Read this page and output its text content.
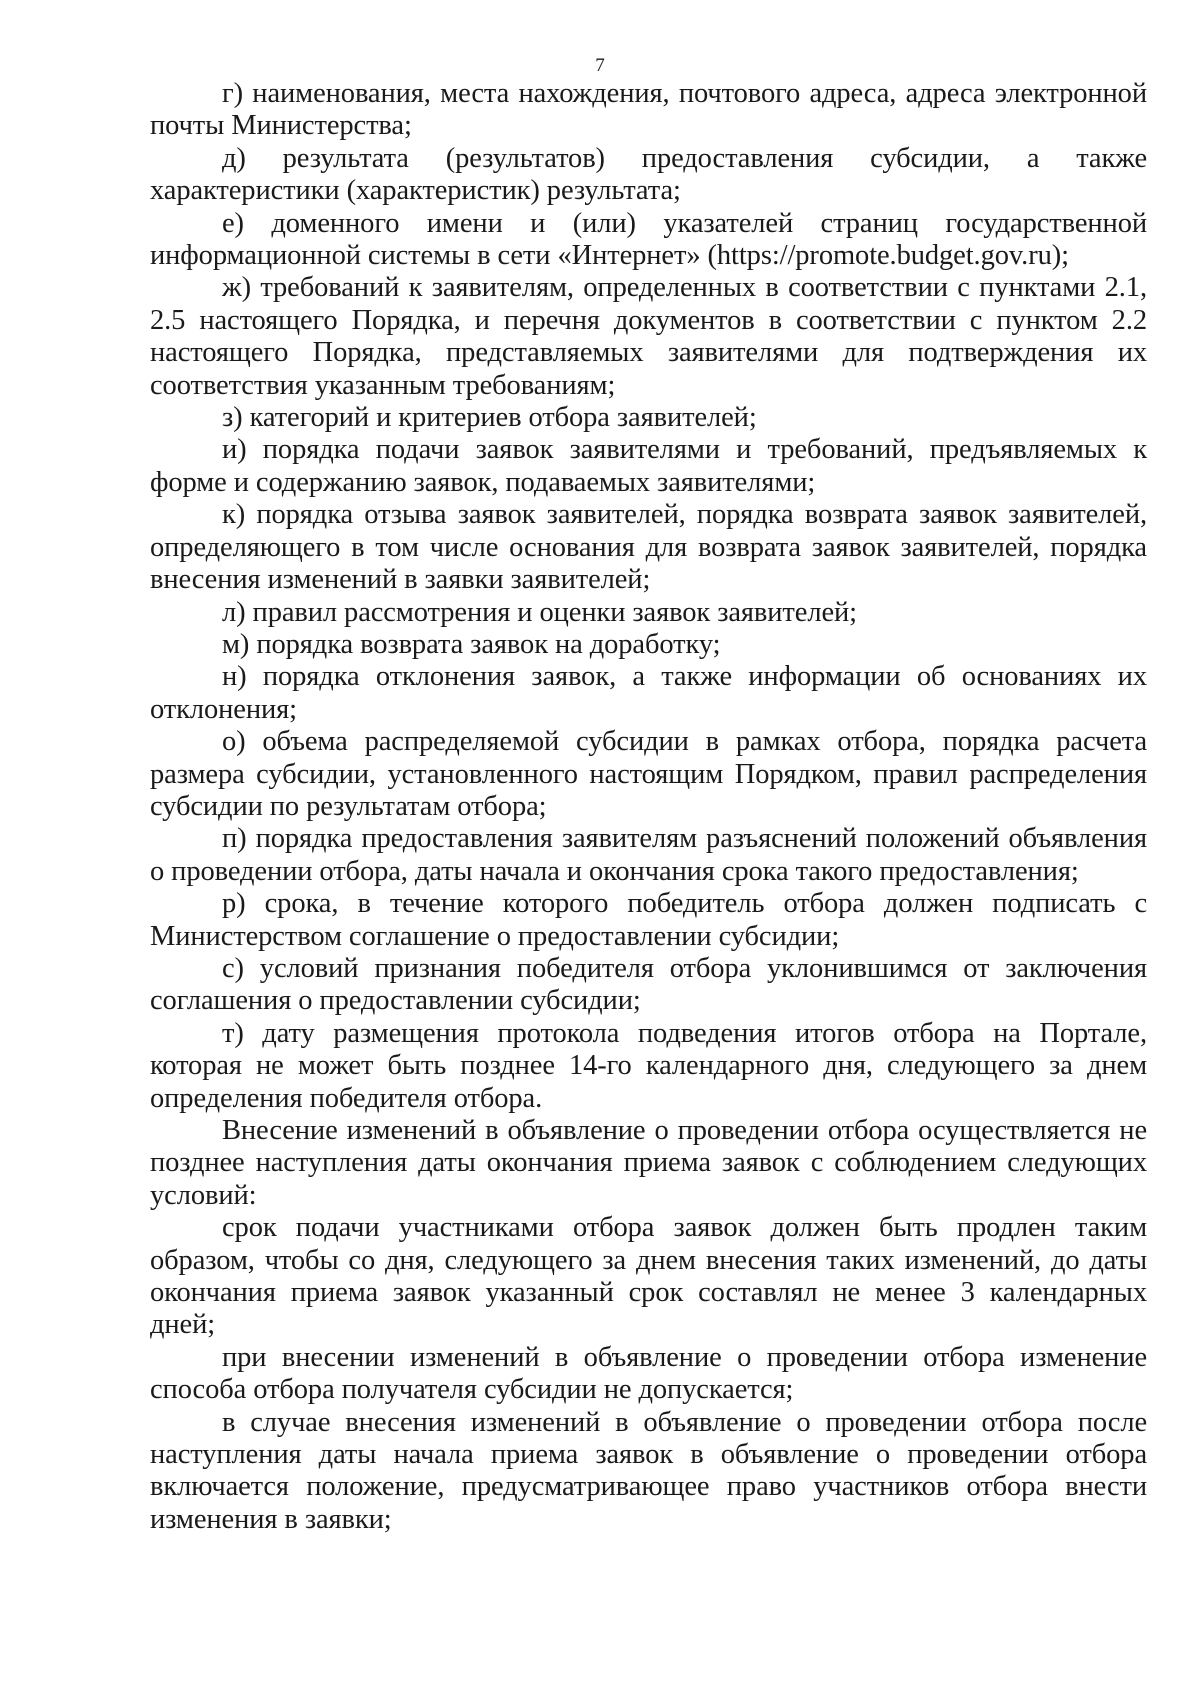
7

г) наименования, места нахождения, почтового адреса, адреса электронной почты Министерства;

д) результата (результатов) предоставления субсидии, а также характеристики (характеристик) результата;

е) доменного имени и (или) указателей страниц государственной информационной системы в сети «Интернет» (https://promote.budget.gov.ru);

ж) требований к заявителям, определенных в соответствии с пунктами 2.1, 2.5 настоящего Порядка, и перечня документов в соответствии с пунктом 2.2 настоящего Порядка, представляемых заявителями для подтверждения их соответствия указанным требованиям;

з) категорий и критериев отбора заявителей;

и) порядка подачи заявок заявителями и требований, предъявляемых к форме и содержанию заявок, подаваемых заявителями;

к) порядка отзыва заявок заявителей, порядка возврата заявок заявителей, определяющего в том числе основания для возврата заявок заявителей, порядка внесения изменений в заявки заявителей;

л) правил рассмотрения и оценки заявок заявителей;

м) порядка возврата заявок на доработку;

н) порядка отклонения заявок, а также информации об основаниях их отклонения;

о) объема распределяемой субсидии в рамках отбора, порядка расчета размера субсидии, установленного настоящим Порядком, правил распределения субсидии по результатам отбора;

п) порядка предоставления заявителям разъяснений положений объявления о проведении отбора, даты начала и окончания срока такого предоставления;

р) срока, в течение которого победитель отбора должен подписать с Министерством соглашение о предоставлении субсидии;

с) условий признания победителя отбора уклонившимся от заключения соглашения о предоставлении субсидии;

т) дату размещения протокола подведения итогов отбора на Портале, которая не может быть позднее 14-го календарного дня, следующего за днем определения победителя отбора.

Внесение изменений в объявление о проведении отбора осуществляется не позднее наступления даты окончания приема заявок с соблюдением следующих условий:

срок подачи участниками отбора заявок должен быть продлен таким образом, чтобы со дня, следующего за днем внесения таких изменений, до даты окончания приема заявок указанный срок составлял не менее 3 календарных дней;

при внесении изменений в объявление о проведении отбора изменение способа отбора получателя субсидии не допускается;

в случае внесения изменений в объявление о проведении отбора после наступления даты начала приема заявок в объявление о проведении отбора включается положение, предусматривающее право участников отбора внести изменения в заявки;
